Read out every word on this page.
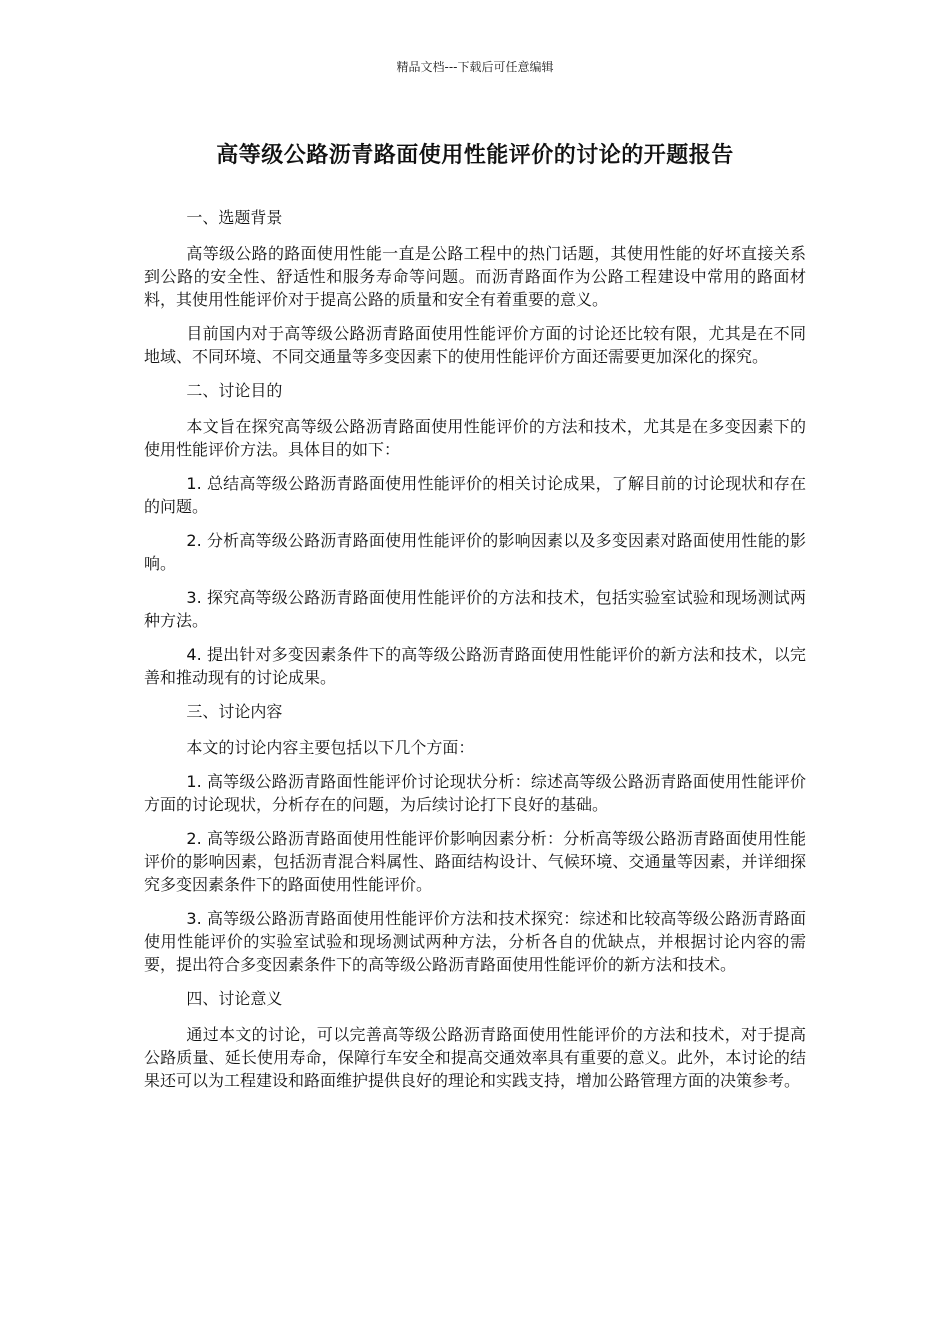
精品文档---下载后可任意编辑
高等级公路沥青路面使用性能评价的讨论的开题报告

一、选题背景

高等级公路的路面使用性能一直是公路工程中的热门话题，其使用性能的好坏直接关系到公路的安全性、舒适性和服务寿命等问题。而沥青路面作为公路工程建设中常用的路面材料，其使用性能评价对于提高公路的质量和安全有着重要的意义。

目前国内对于高等级公路沥青路面使用性能评价方面的讨论还比较有限，尤其是在不同地域、不同环境、不同交通量等多变因素下的使用性能评价方面还需要更加深化的探究。

二、讨论目的

本文旨在探究高等级公路沥青路面使用性能评价的方法和技术，尤其是在多变因素下的使用性能评价方法。具体目的如下：

1. 总结高等级公路沥青路面使用性能评价的相关讨论成果，了解目前的讨论现状和存在的问题。

2. 分析高等级公路沥青路面使用性能评价的影响因素以及多变因素对路面使用性能的影响。

3. 探究高等级公路沥青路面使用性能评价的方法和技术，包括实验室试验和现场测试两种方法。

4. 提出针对多变因素条件下的高等级公路沥青路面使用性能评价的新方法和技术，以完善和推动现有的讨论成果。

三、讨论内容

本文的讨论内容主要包括以下几个方面：

1. 高等级公路沥青路面性能评价讨论现状分析：综述高等级公路沥青路面使用性能评价方面的讨论现状，分析存在的问题，为后续讨论打下良好的基础。

2. 高等级公路沥青路面使用性能评价影响因素分析：分析高等级公路沥青路面使用性能评价的影响因素，包括沥青混合料属性、路面结构设计、气候环境、交通量等因素，并详细探究多变因素条件下的路面使用性能评价。

3. 高等级公路沥青路面使用性能评价方法和技术探究：综述和比较高等级公路沥青路面使用性能评价的实验室试验和现场测试两种方法，分析各自的优缺点，并根据讨论内容的需要，提出符合多变因素条件下的高等级公路沥青路面使用性能评价的新方法和技术。

四、讨论意义

通过本文的讨论，可以完善高等级公路沥青路面使用性能评价的方法和技术，对于提高公路质量、延长使用寿命，保障行车安全和提高交通效率具有重要的意义。此外，本讨论的结果还可以为工程建设和路面维护提供良好的理论和实践支持，增加公路管理方面的决策参考。
